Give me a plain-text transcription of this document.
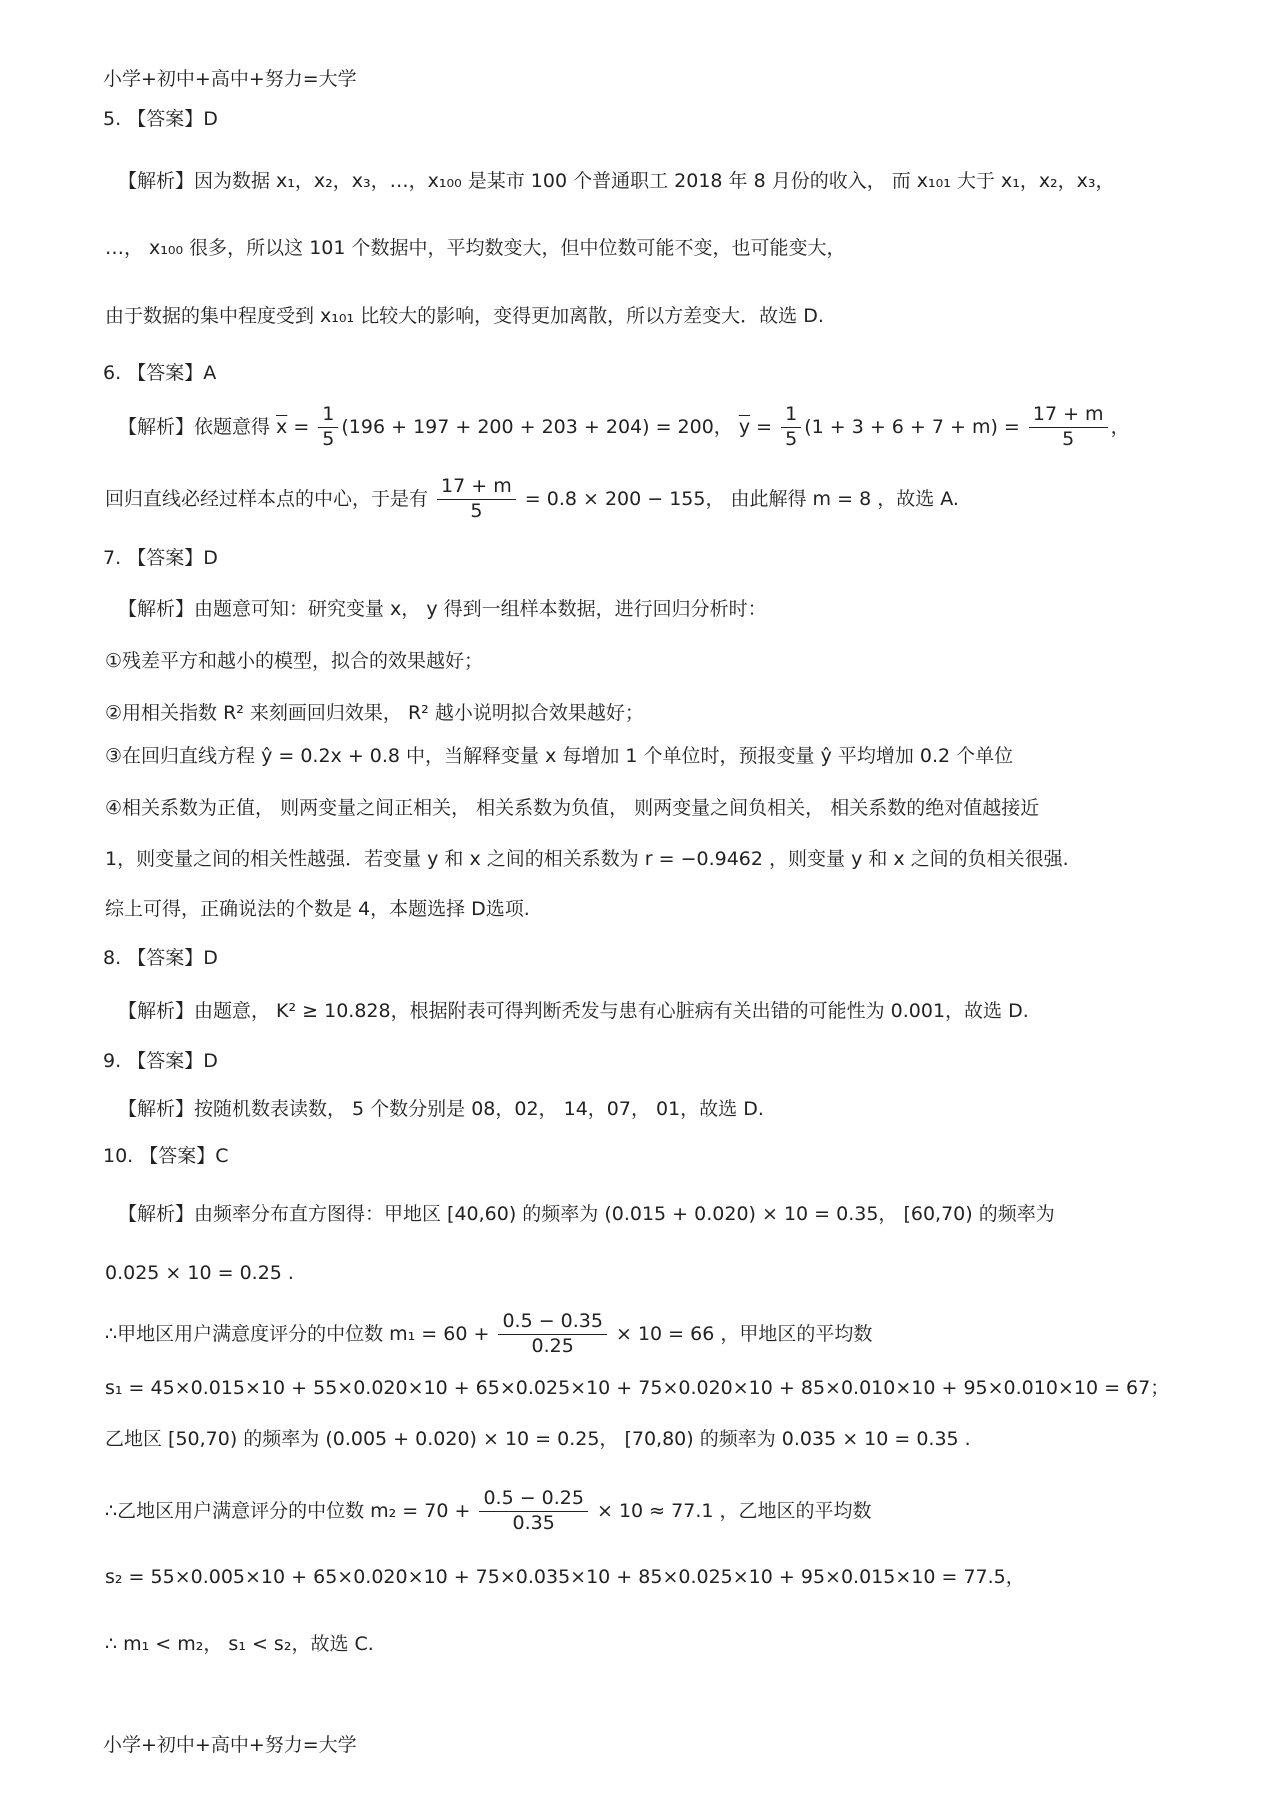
小学+初中+高中+努力=大学
5. 【答案】D
【解析】因为数据 x₁，x₂，x₃，…，x₁₀₀ 是某市 100 个普通职工 2018 年 8 月份的收入， 而 x₁₀₁ 大于 x₁，x₂，x₃，
…， x₁₀₀ 很多，所以这 101 个数据中，平均数变大，但中位数可能不变，也可能变大，
由于数据的集中程度受到 x₁₀₁ 比较大的影响，变得更加离散，所以方差变大．故选 D.
6. 【答案】A
【解析】依题意得 $\overline{x} = \frac{1}{5} (196 + 197 + 200 + 203 + 204) = 200$， $\overline{y} = \frac{1}{5} (1 + 3 + 6 + 7 + m) = \frac{17 + m}{5}$ ，
回归直线必经过样本点的中心，于是有 $\frac{17 + m}{5} = 0.8 \times 200 - 155$， 由此解得 m = 8 ，故选 A.
7. 【答案】D
【解析】由题意可知：研究变量 x， y 得到一组样本数据，进行回归分析时：
①残差平方和越小的模型，拟合的效果越好；
②用相关指数 R² 来刻画回归效果， R² 越小说明拟合效果越好；
③在回归直线方程 ŷ = 0.2x + 0.8 中，当解释变量 x 每增加 1 个单位时，预报变量 ŷ 平均增加 0.2 个单位
④相关系数为正值， 则两变量之间正相关， 相关系数为负值， 则两变量之间负相关， 相关系数的绝对值越接近
1，则变量之间的相关性越强．若变量 y 和 x 之间的相关系数为 r = −0.9462 ，则变量 y 和 x 之间的负相关很强.
综上可得，正确说法的个数是 4，本题选择 D选项.
8. 【答案】D
【解析】由题意， K² ≥ 10.828，根据附表可得判断秃发与患有心脏病有关出错的可能性为 0.001，故选 D.
9. 【答案】D
【解析】按随机数表读数， 5 个数分别是 08，02， 14，07， 01，故选 D.
10. 【答案】C
【解析】由频率分布直方图得：甲地区 [40,60) 的频率为 (0.015 + 0.020) × 10 = 0.35， [60,70) 的频率为
0.025 × 10 = 0.25 .
∴甲地区用户满意度评分的中位数 $m_1 = 60 + \frac{0.5 - 0.35}{0.25} \times 10 = 66$ ，甲地区的平均数
s₁ = 45×0.015×10 + 55×0.020×10 + 65×0.025×10 + 75×0.020×10 + 85×0.010×10 + 95×0.010×10 = 67；
乙地区 [50,70) 的频率为 (0.005 + 0.020) × 10 = 0.25， [70,80) 的频率为 0.035 × 10 = 0.35 .
∴乙地区用户满意评分的中位数 $m_2 = 70 + \frac{0.5 - 0.25}{0.35} \times 10 \approx 77.1$ ，乙地区的平均数
s₂ = 55×0.005×10 + 65×0.020×10 + 75×0.035×10 + 85×0.025×10 + 95×0.015×10 = 77.5，
∴ m₁ < m₂， s₁ < s₂，故选 C.
小学+初中+高中+努力=大学
